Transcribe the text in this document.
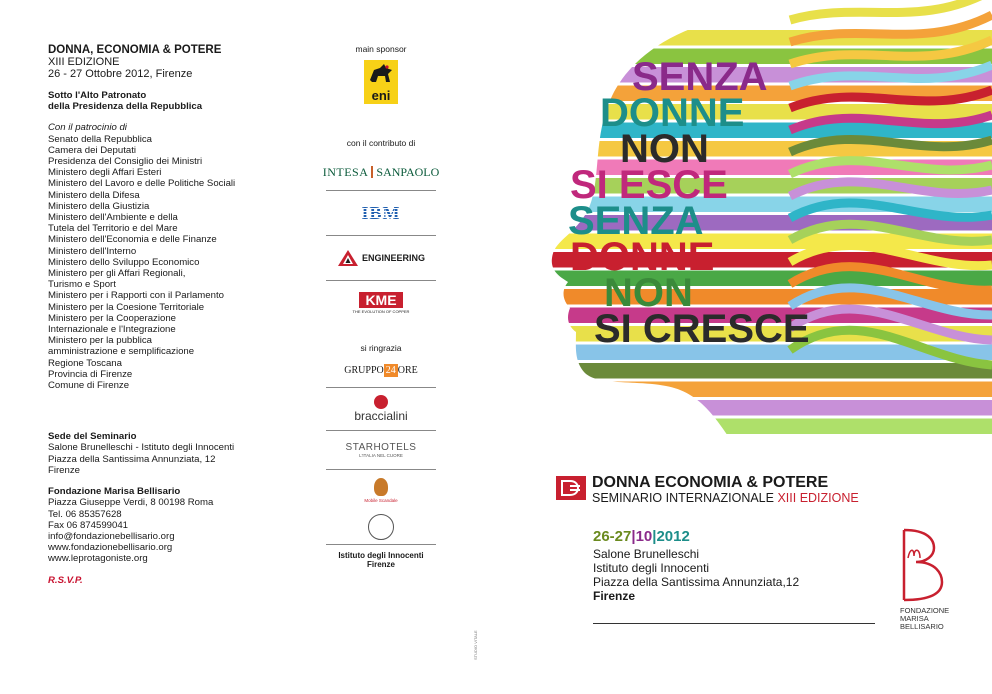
DONNA, ECONOMIA & POTERE
XIII EDIZIONE
26 - 27 Ottobre 2012, Firenze
Sotto l'Alto Patronato
della Presidenza della Repubblica
Con il patrocinio di
Senato della Repubblica
Camera dei Deputati
Presidenza del Consiglio dei Ministri
Ministero degli Affari Esteri
Ministero del Lavoro e delle Politiche Sociali
Ministero della Difesa
Ministero della Giustizia
Ministero dell'Ambiente e della
Tutela del Territorio e del Mare
Ministero dell'Economia e delle Finanze
Ministero dell'Interno
Ministero dello Sviluppo Economico
Ministero per gli Affari Regionali,
Turismo e Sport
Ministero per i Rapporti con il Parlamento
Ministero per la Coesione Territoriale
Ministero per la Cooperazione
Internazionale e l'Integrazione
Ministero per la pubblica
amministrazione e semplificazione
Regione Toscana
Provincia di Firenze
Comune di Firenze
Sede del Seminario
Salone Brunelleschi - Istituto degli Innocenti
Piazza della Santissima Annunziata, 12
Firenze
Fondazione Marisa Bellisario
Piazza Giuseppe Verdi, 8 00198 Roma
Tel. 06 85357628
Fax 06 874599041
info@fondazionebellisario.org
www.fondazionebellisario.org
www.leprotagoniste.org
R.S.V.P.
main sponsor
eni
con il contributo di
INTESA SANPAOLO
IBM
ENGINEERING
KME
THE EVOLUTION OF COPPER
si ringrazia
GRUPPO 24 ORE
braccialini
STARHOTELS
L'ITALIA NEL CUORE
Mobile Scandale
Istituto degli Innocenti
Firenze
STUDIO VITALE
SENZA
DONNE
NON
SI ESCE
SENZA
DONNE
NON
SI CRESCE
DONNA ECONOMIA & POTERE
SEMINARIO INTERNAZIONALE XIII EDIZIONE
26-27|10|2012
Salone Brunelleschi
Istituto degli Innocenti
Piazza della Santissima Annunziata,12
Firenze
FONDAZIONE
MARISA
BELLISARIO
